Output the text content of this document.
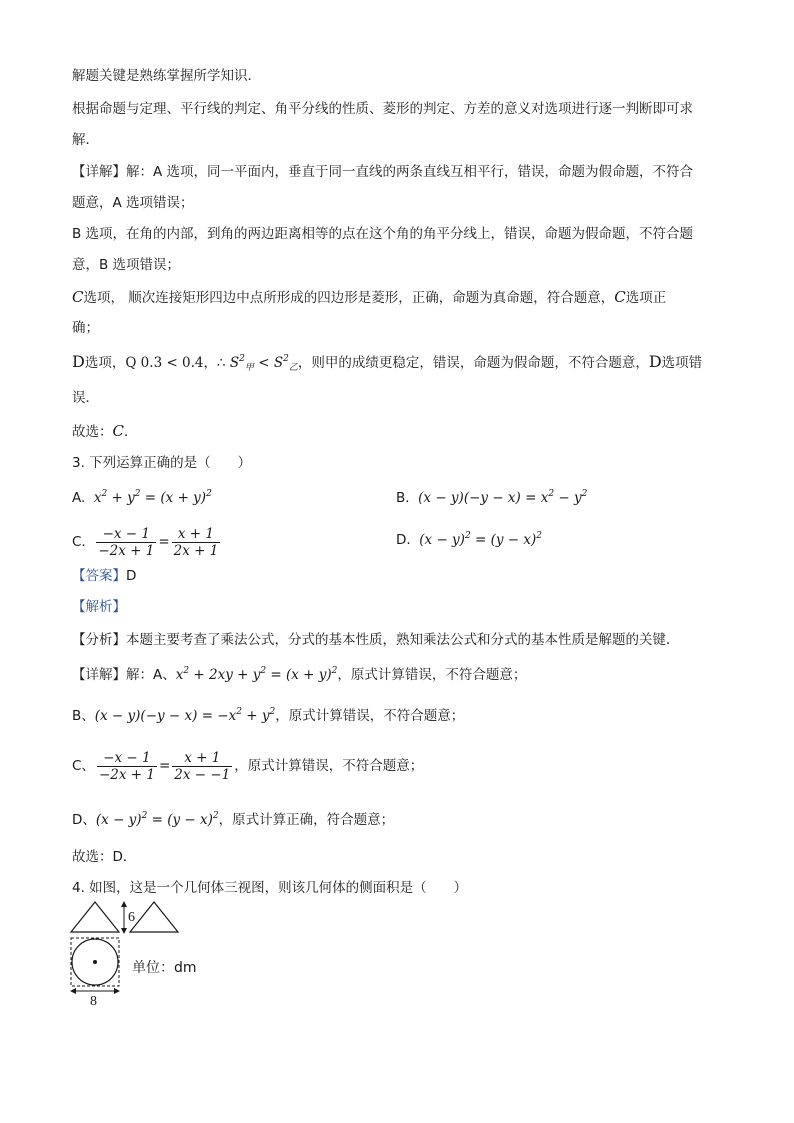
解题关键是熟练掌握所学知识．
根据命题与定理、平行线的判定、角平分线的性质、菱形的判定、方差的意义对选项进行逐一判断即可求
解．
【详解】解：A 选项，同一平面内，垂直于同一直线的两条直线互相平行，错误，命题为假命题，不符合
题意，A 选项错误；
B 选项，在角的内部，到角的两边距离相等的点在这个角的角平分线上，错误，命题为假命题，不符合题
意，B 选项错误；
C选项， 顺次连接矩形四边中点所形成的四边形是菱形，正确，命题为真命题，符合题意，C选项正
确；
D选项，Q 0.3 < 0.4，∴ $S^2_甲 < S^2_乙$，则甲的成绩更稳定，错误，命题为假命题，不符合题意，D选项错
误．
故选：C．
3. 下列运算正确的是（　　）
A. $x^2 + y^2 = (x + y)^2$	B. $(x - y)(-y - x) = x^2 - y^2$
C. $\frac{-x - 1}{-2x + 1} = \frac{x + 1}{2x + 1}$	D. $(x - y)^2 = (y - x)^2$
【答案】D
【解析】
【分析】本题主要考查了乘法公式，分式的基本性质，熟知乘法公式和分式的基本性质是解题的关键．
【详解】解：A、$x^2 + 2xy + y^2 = (x + y)^2$，原式计算错误，不符合题意；
B、$(x - y)(-y - x) = -x^2 + y^2$，原式计算错误，不符合题意；
C、 $\frac{-x - 1}{-2x + 1} = \frac{x + 1}{2x - -1}$ ，原式计算错误，不符合题意；
D、$(x - y)^2 = (y - x)^2$，原式计算正确，符合题意；
故选：D．
4. 如图，这是一个几何体三视图，则该几何体的侧面积是（　　）
6
8
单位：dm
